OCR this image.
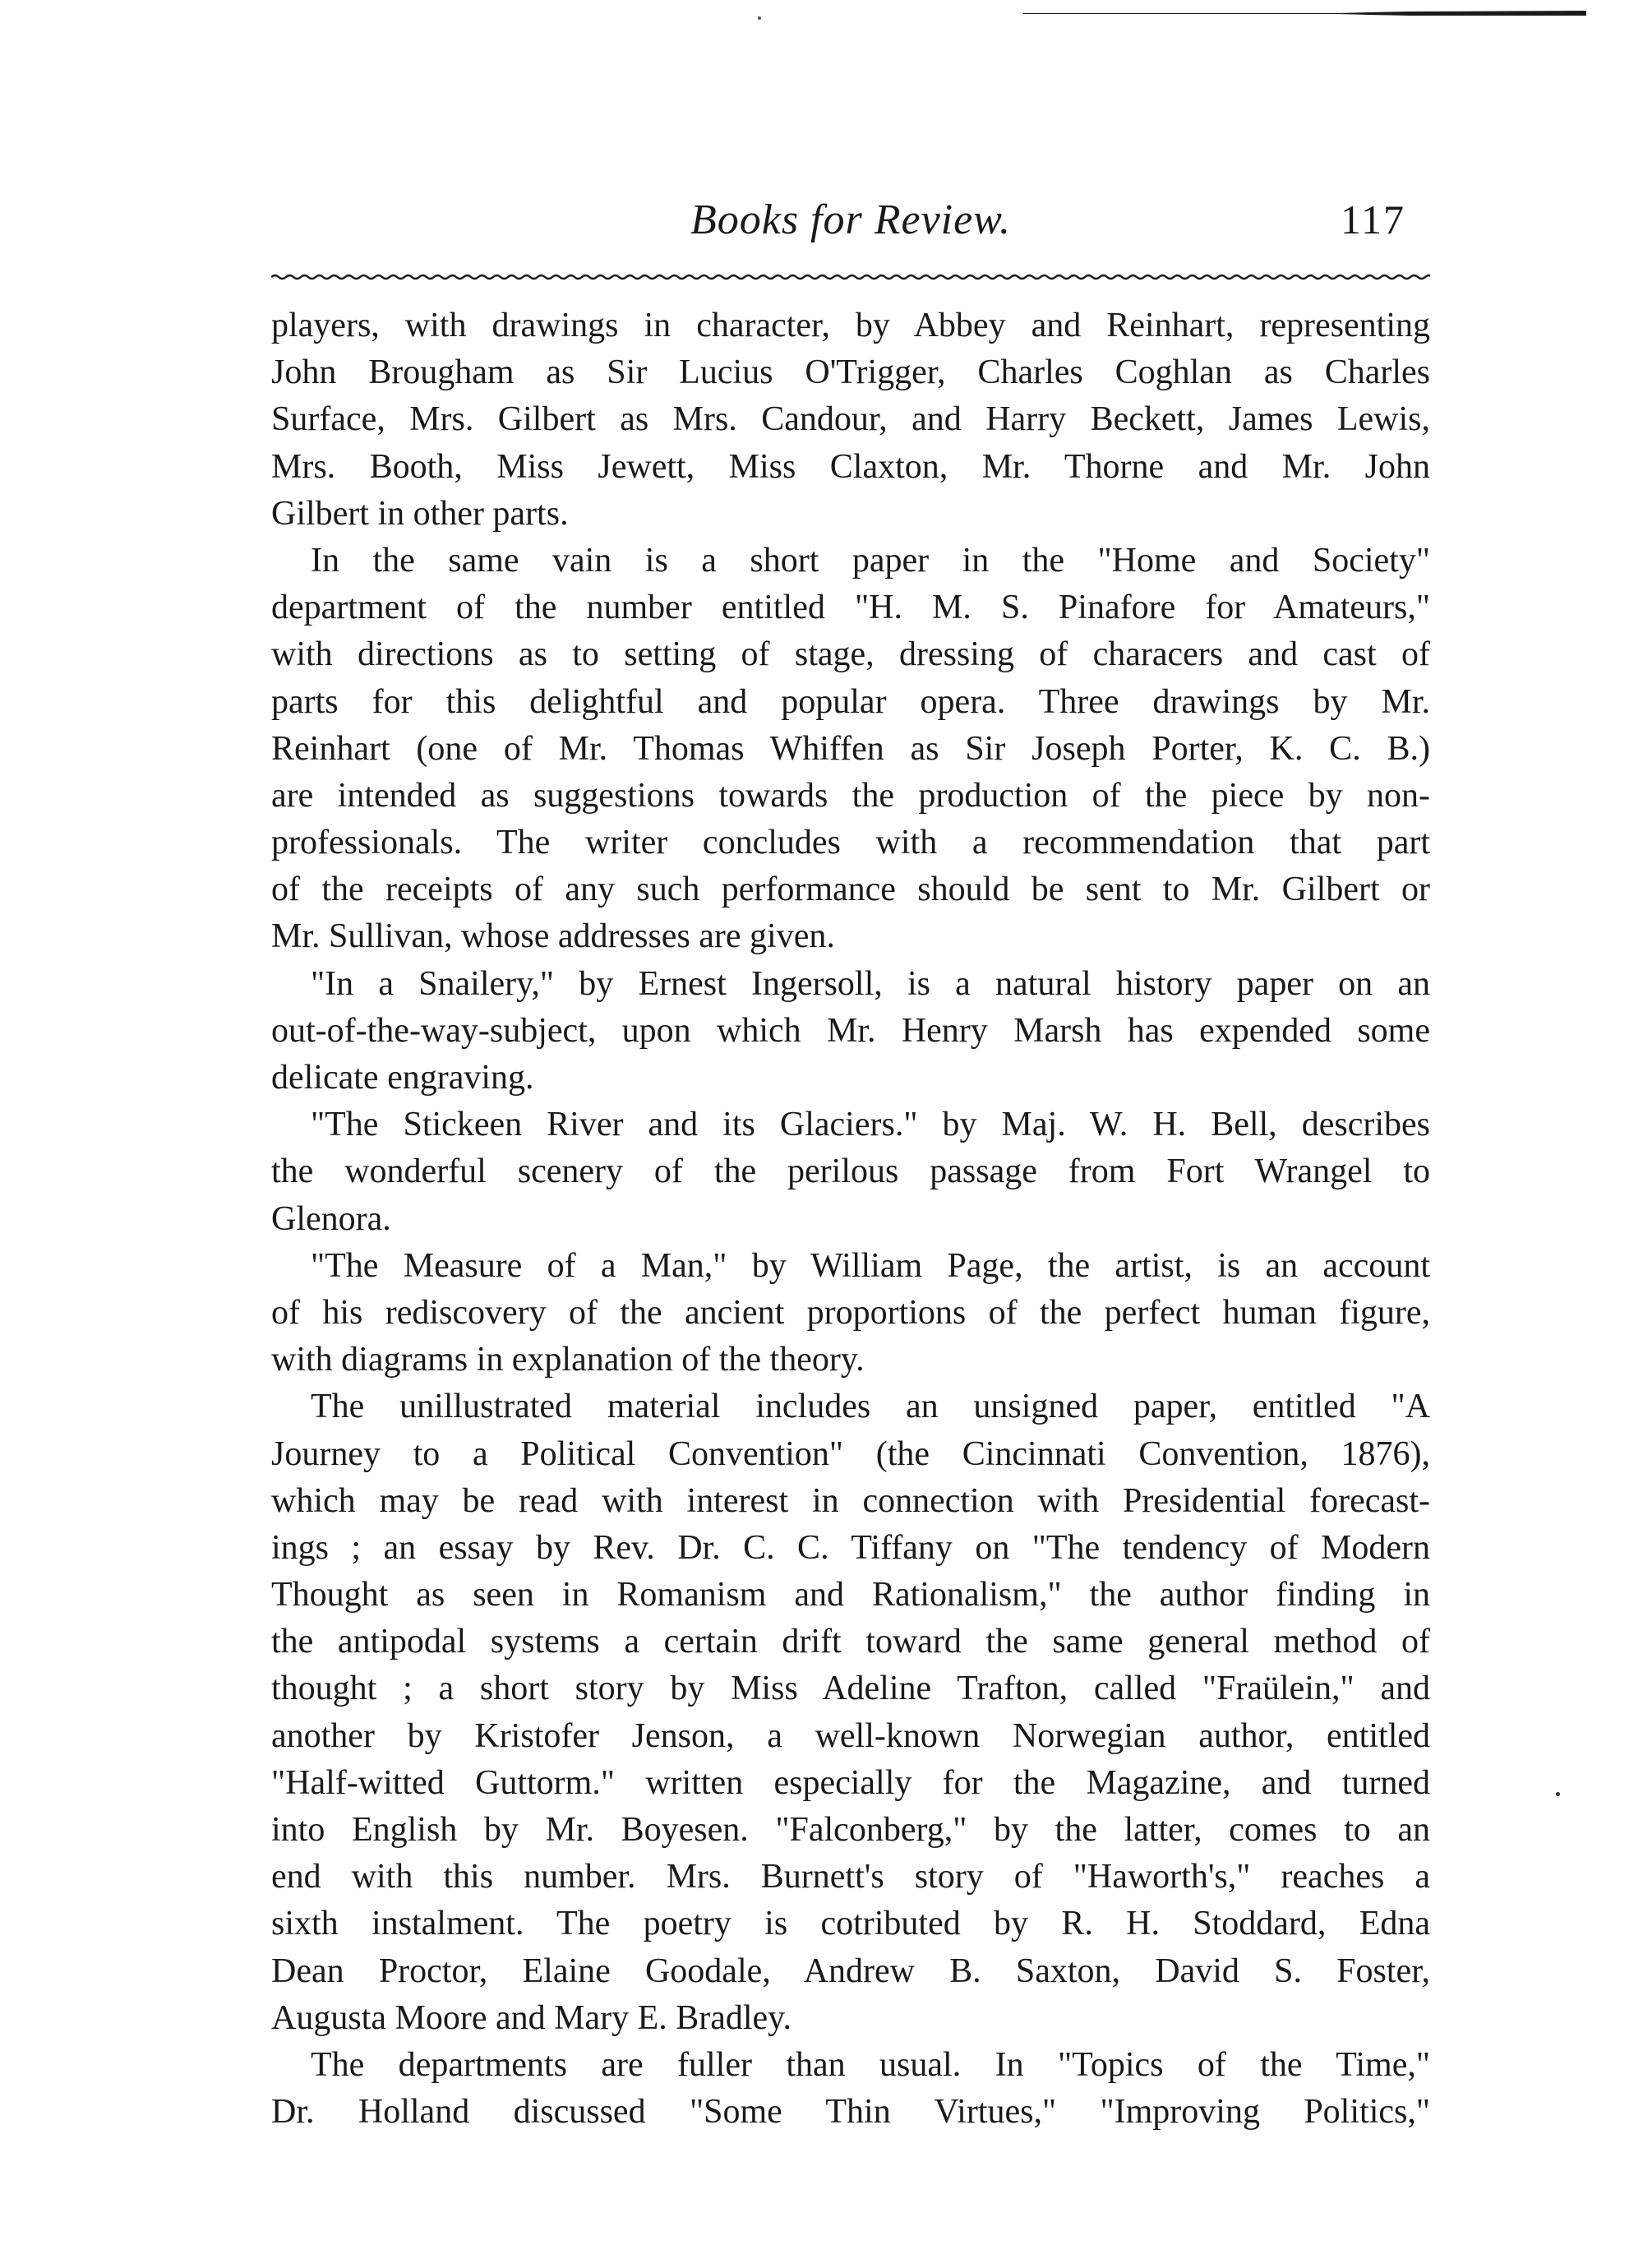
Books for Review.	117
players, with drawings in character, by Abbey and Reinhart, representing
John Brougham as Sir Lucius O'Trigger, Charles Coghlan as Charles
Surface, Mrs. Gilbert as Mrs. Candour, and Harry Beckett, James Lewis,
Mrs. Booth, Miss Jewett, Miss Claxton, Mr. Thorne and Mr. John
Gilbert in other parts.
In the same vain is a short paper in the "Home and Society"
department of the number entitled "H. M. S. Pinafore for Amateurs,"
with directions as to setting of stage, dressing of characers and cast of
parts for this delightful and popular opera. Three drawings by Mr.
Reinhart (one of Mr. Thomas Whiffen as Sir Joseph Porter, K. C. B.)
are intended as suggestions towards the production of the piece by non-
professionals. The writer concludes with a recommendation that part
of the receipts of any such performance should be sent to Mr. Gilbert or
Mr. Sullivan, whose addresses are given.
"In a Snailery," by Ernest Ingersoll, is a natural history paper on an
out-of-the-way-subject, upon which Mr. Henry Marsh has expended some
delicate engraving.
"The Stickeen River and its Glaciers." by Maj. W. H. Bell, describes
the wonderful scenery of the perilous passage from Fort Wrangel to
Glenora.
"The Measure of a Man," by William Page, the artist, is an account
of his rediscovery of the ancient proportions of the perfect human figure,
with diagrams in explanation of the theory.
The unillustrated material includes an unsigned paper, entitled "A
Journey to a Political Convention" (the Cincinnati Convention, 1876),
which may be read with interest in connection with Presidential forecast-
ings ; an essay by Rev. Dr. C. C. Tiffany on "The tendency of Modern
Thought as seen in Romanism and Rationalism," the author finding in
the antipodal systems a certain drift toward the same general method of
thought ; a short story by Miss Adeline Trafton, called "Fraülein," and
another by Kristofer Jenson, a well-known Norwegian author, entitled
"Half-witted Guttorm." written especially for the Magazine, and turned
into English by Mr. Boyesen. "Falconberg," by the latter, comes to an
end with this number. Mrs. Burnett's story of "Haworth's," reaches a
sixth instalment. The poetry is cotributed by R. H. Stoddard, Edna
Dean Proctor, Elaine Goodale, Andrew B. Saxton, David S. Foster,
Augusta Moore and Mary E. Bradley.
The departments are fuller than usual. In "Topics of the Time,"
Dr. Holland discussed "Some Thin Virtues," "Improving Politics,"
